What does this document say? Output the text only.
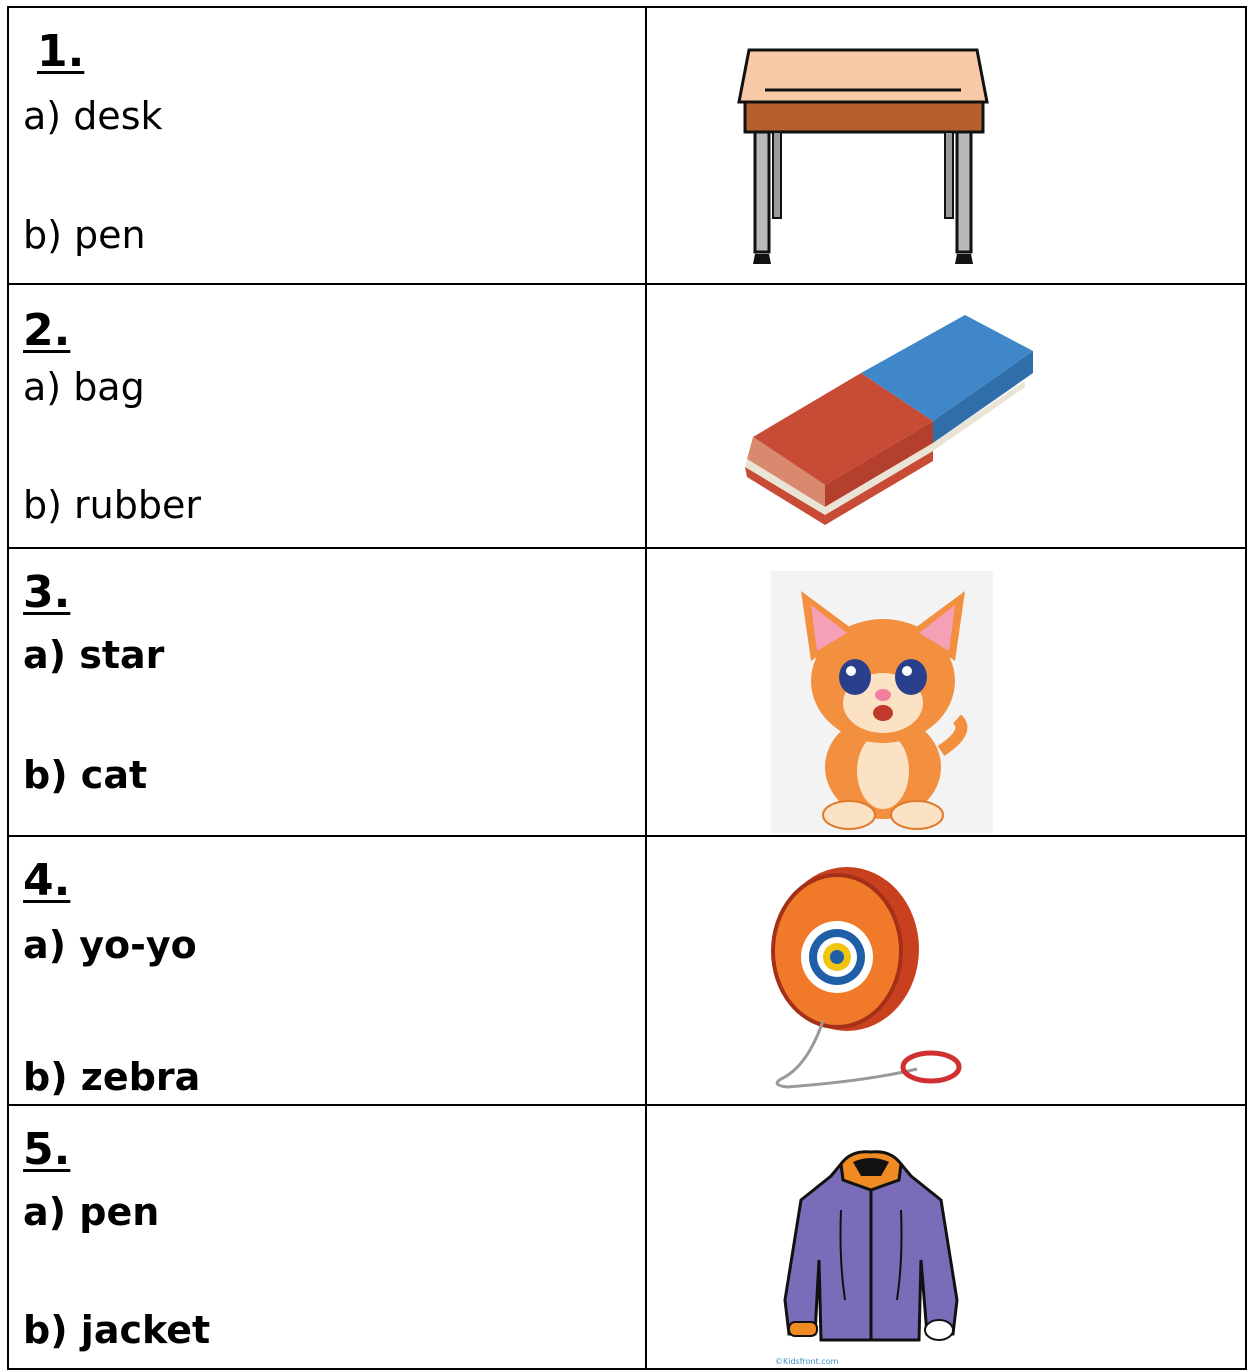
1.
a) desk
b) pen

2.
a) bag
b) rubber

3.
a) star
b) cat

4.
a) yo-yo
b) zebra

5.
a) pen
b) jacket	©Kidsfront.com
